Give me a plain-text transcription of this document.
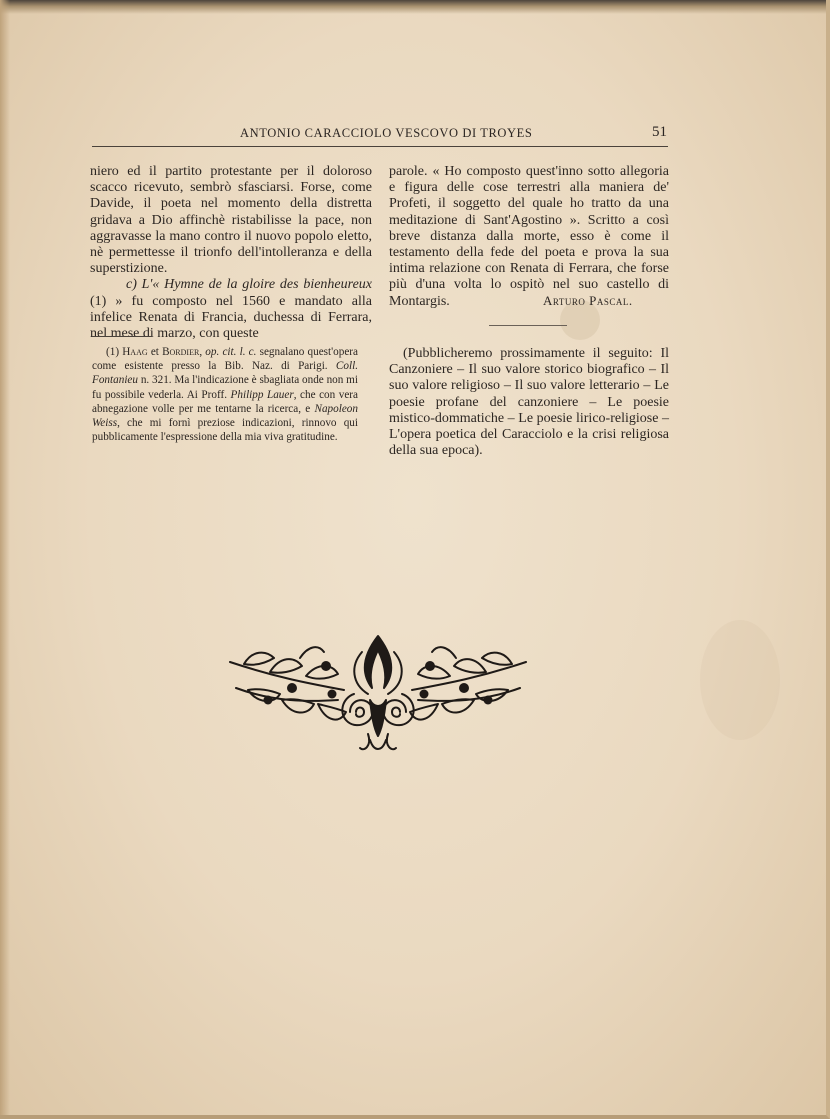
ANTONIO CARACCIOLO VESCOVO DI TROYES	51

niero ed il partito protestante per il doloroso scacco ricevuto, sembrò sfasciarsi. Forse, come Davide, il poeta nel momento della distretta gridava a Dio affinchè ristabilisse la pace, non aggravasse la mano contro il nuovo popolo eletto, nè permettesse il trionfo dell'intolleranza e della superstizione.

c) L'« Hymne de la gloire des bienheureux (1) » fu composto nel 1560 e mandato alla infelice Renata di Francia, duchessa di Ferrara, nel mese di marzo, con queste

parole. « Ho composto quest'inno sotto allegoria e figura delle cose terrestri alla maniera de' Profeti, il soggetto del quale ho tratto da una meditazione di Sant'Agostino ». Scritto a così breve distanza dalla morte, esso è come il testamento della fede del poeta e prova la sua intima relazione con Renata di Ferrara, che forse più d'una volta lo ospitò nel suo castello di Montargis.	Arturo Pascal.

(1) Haag et Bordier, op. cit. l. c. segnalano quest'opera come esistente presso la Bib. Naz. di Parigi. Coll. Fontanieu n. 321. Ma l'indicazione è sbagliata onde non mi fu possibile vederla. Ai Proff. Philipp Lauer, che con vera abnegazione volle per me tentarne la ricerca, e Napoleon Weiss, che mi fornì preziose indicazioni, rinnovo qui pubblicamente l'espressione della mia viva gratitudine.

(Pubblicheremo prossimamente il seguito: Il Canzoniere – Il suo valore storico biografico – Il suo valore religioso – Il suo valore letterario – Le poesie profane del canzoniere – Le poesie mistico-dommatiche – Le poesie lirico-religiose – L'opera poetica del Caracciolo e la crisi religiosa della sua epoca).
